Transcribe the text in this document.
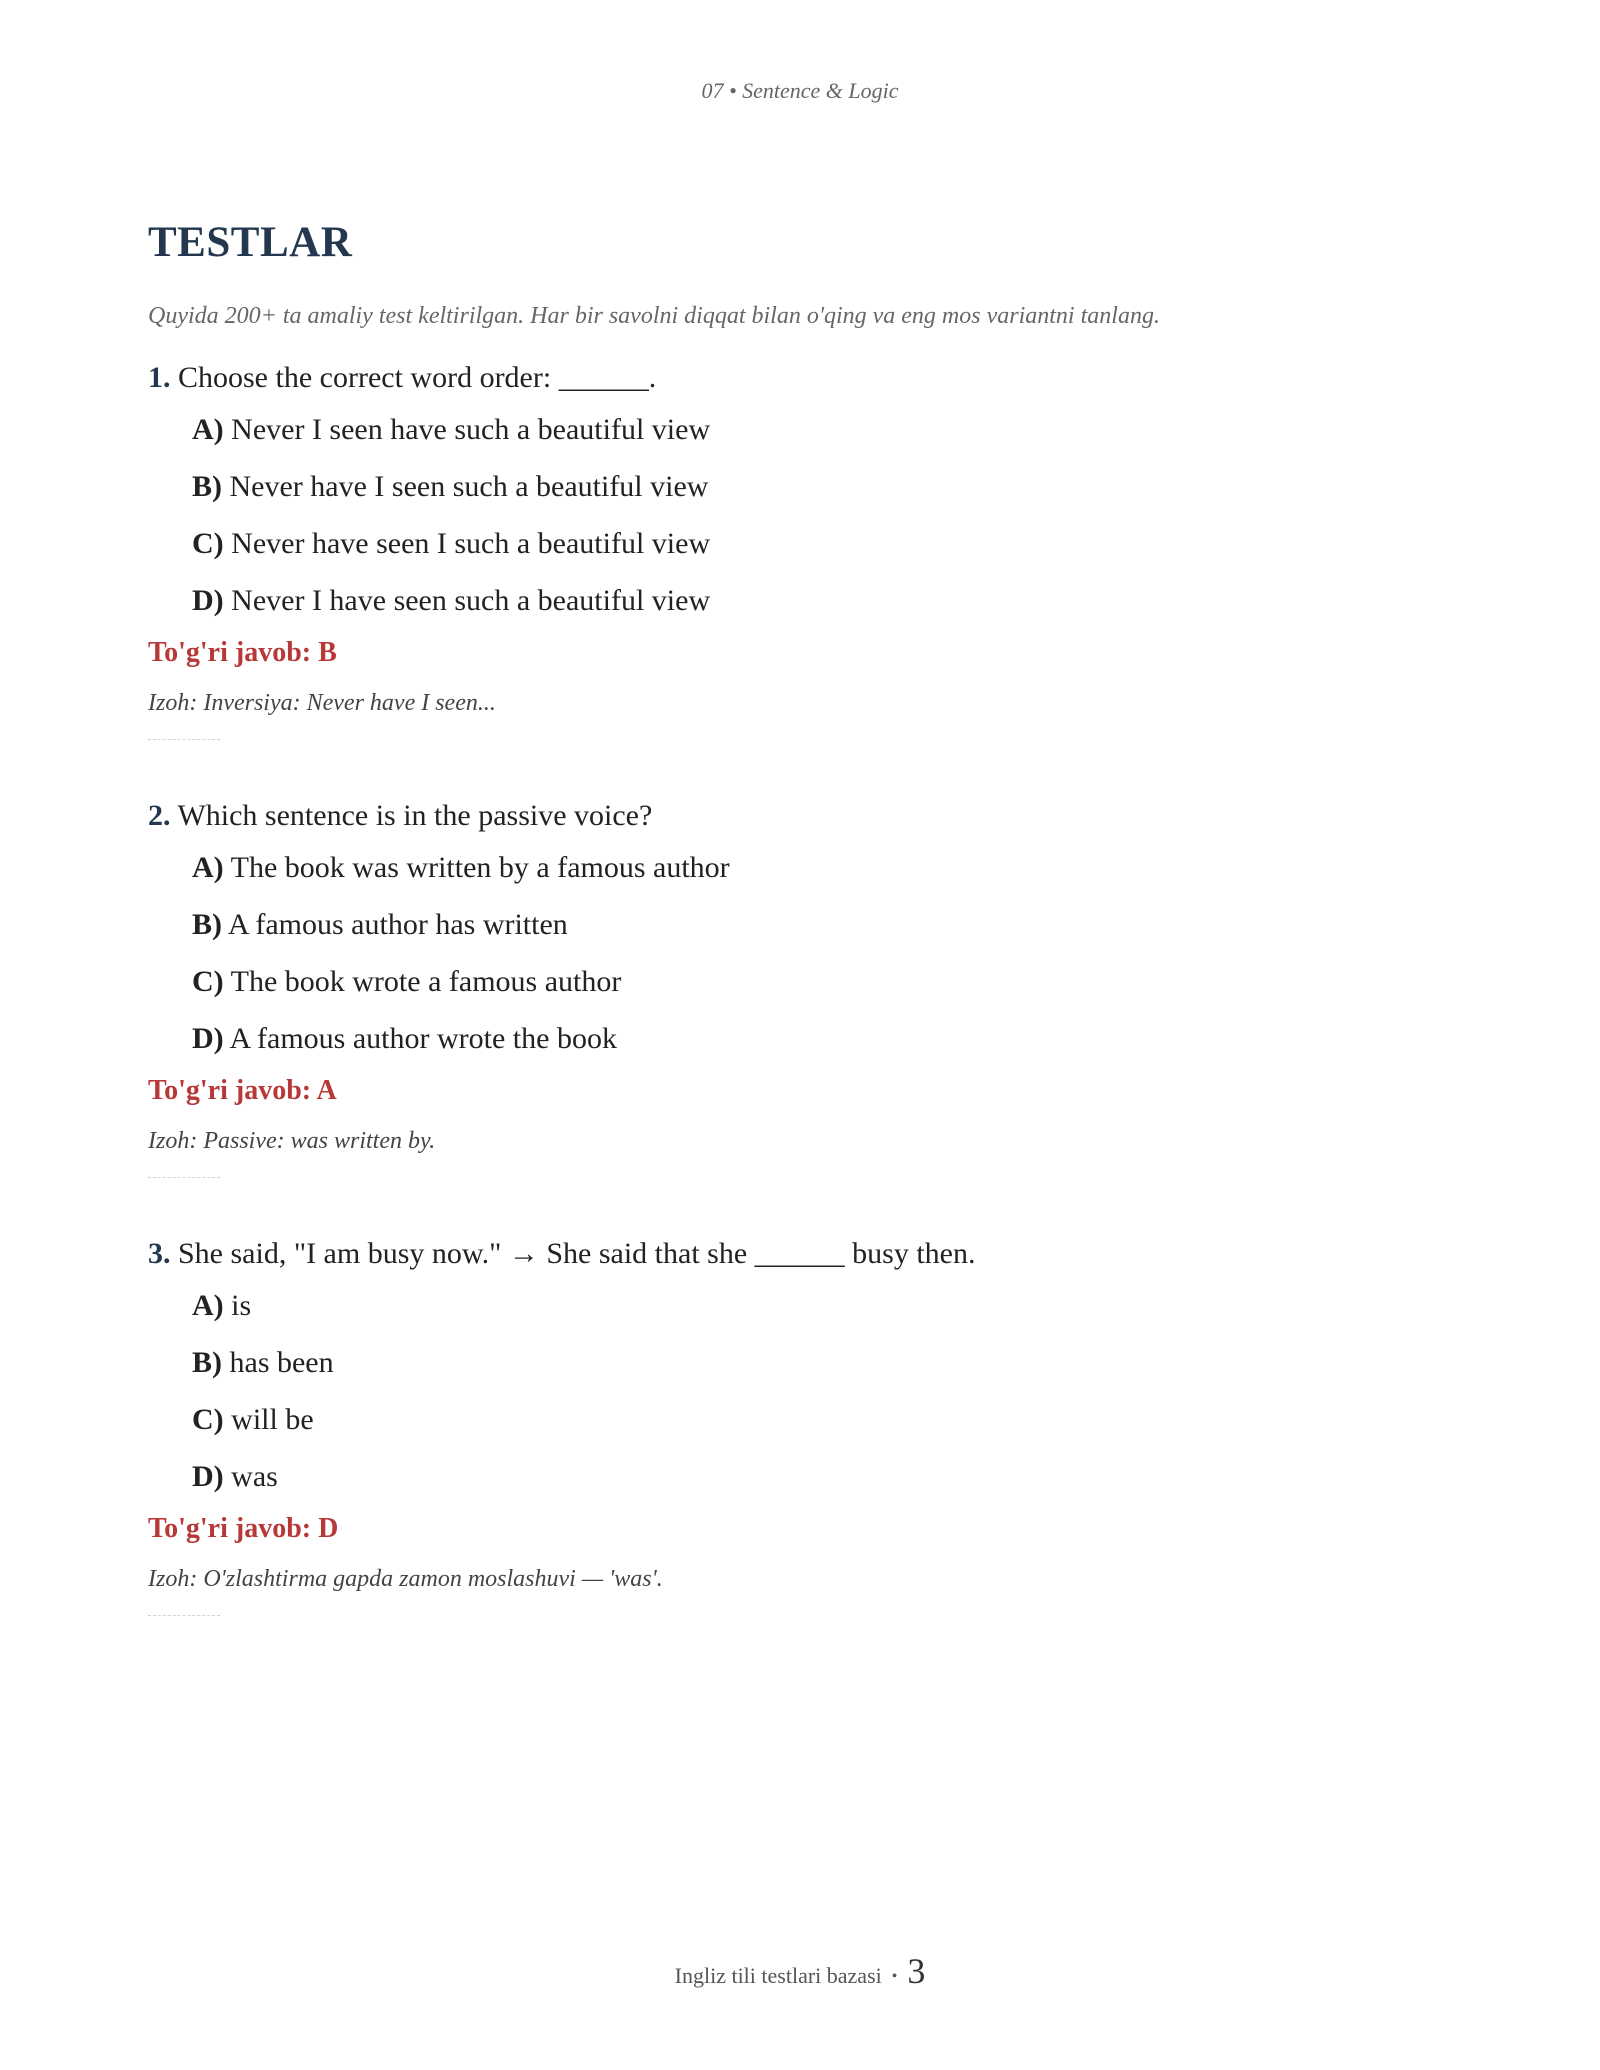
07 • Sentence & Logic
TESTLAR

Quyida 200+ ta amaliy test keltirilgan. Har bir savolni diqqat bilan o'qing va eng mos variantni tanlang.

1. Choose the correct word order: ______.

A) Never I seen have such a beautiful view
B) Never have I seen such a beautiful view
C) Never have seen I such a beautiful view
D) Never I have seen such a beautiful view

To'g'ri javob: B

Izoh: Inversiya: Never have I seen...

2. Which sentence is in the passive voice?

A) The book was written by a famous author
B) A famous author has written
C) The book wrote a famous author
D) A famous author wrote the book

To'g'ri javob: A

Izoh: Passive: was written by.

3. She said, "I am busy now." → She said that she ______ busy then.

A) is
B) has been
C) will be
D) was

To'g'ri javob: D

Izoh: O'zlashtirma gapda zamon moslashuvi — 'was'.

Ingliz tili testlari bazasi • 3
